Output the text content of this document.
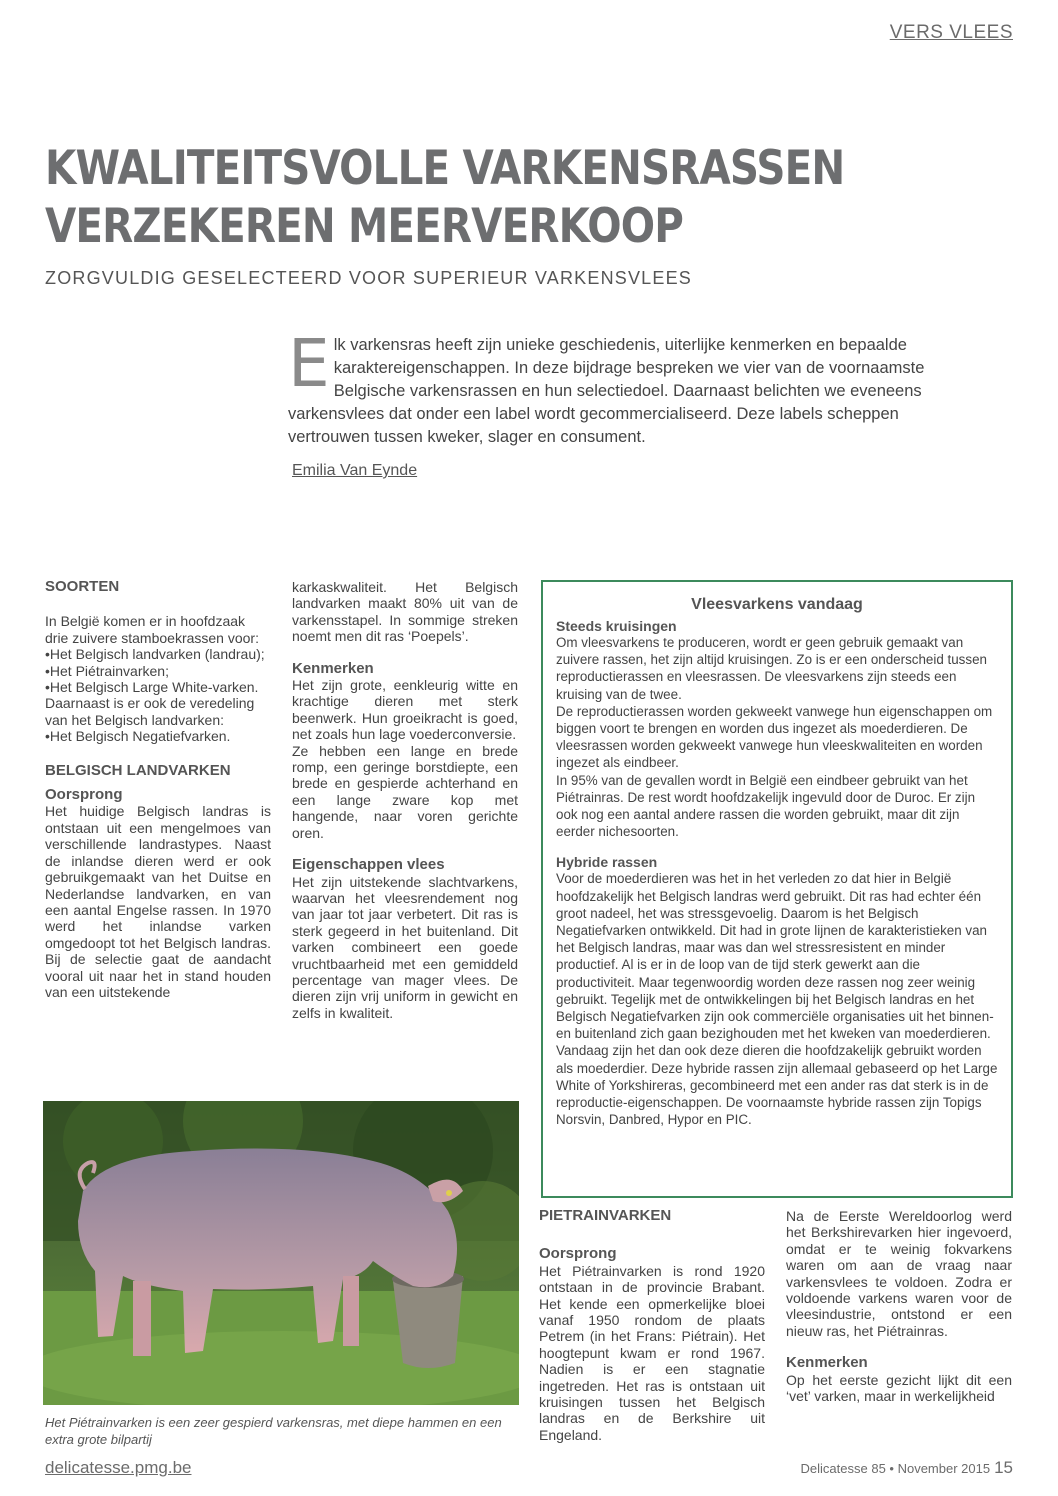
VERS VLEES
KWALITEITSVOLLE VARKENSRASSEN
VERZEKEREN MEERVERKOOP
ZORGVULDIG GESELECTEERD VOOR SUPERIEUR VARKENSVLEES

Elk varkensras heeft zijn unieke geschiedenis, uiterlijke kenmerken en bepaalde karaktereigenschappen. In deze bijdrage bespreken we vier van de voornaamste Belgische varkensrassen en hun selectiedoel. Daarnaast belichten we eveneens varkensvlees dat onder een label wordt gecommercialiseerd. Deze labels scheppen vertrouwen tussen kweker, slager en consument.

Emilia Van Eynde
SOORTEN

In België komen er in hoofdzaak drie zuivere stamboekrassen voor:

• Het Belgisch landvarken (landrau);

• Het Piétrainvarken;

• Het Belgisch Large White-varken.

Daarnaast is er ook de veredeling van het Belgisch landvarken:

• Het Belgisch Negatiefvarken.

BELGISCH LANDVARKEN
Oorsprong

Het huidige Belgisch landras is ontstaan uit een mengelmoes van verschillende landrastypes. Naast de inlandse dieren werd er ook gebruikgemaakt van het Duitse en Nederlandse landvarken, en van een aantal Engelse rassen. In 1970 werd het inlandse varken omgedoopt tot het Belgisch landras. Bij de selectie gaat de aandacht vooral uit naar het in stand houden van een uitstekende

karkaskwaliteit. Het Belgisch landvarken maakt 80% uit van de varkensstapel. In sommige streken noemt men dit ras ‘Poepels’.

Kenmerken

Het zijn grote, eenkleurig witte en krachtige dieren met sterk beenwerk. Hun groeikracht is goed, net zoals hun lage voederconversie.

Ze hebben een lange en brede romp, een geringe borstdiepte, een brede en gespierde achterhand en een lange zware kop met hangende, naar voren gerichte oren.

Eigenschappen vlees

Het zijn uitstekende slachtvarkens, waarvan het vleesrendement nog van jaar tot jaar verbetert. Dit ras is sterk gegeerd in het buitenland. Dit varken combineert een goede vruchtbaarheid met een gemiddeld percentage van mager vlees. De dieren zijn vrij uniform in gewicht en zelfs in kwaliteit.

Vleesvarkens vandaag
Steeds kruisingen

Om vleesvarkens te produceren, wordt er geen gebruik gemaakt van zuivere rassen, het zijn altijd kruisingen. Zo is er een onderscheid tussen reproductierassen en vleesrassen. De vleesvarkens zijn steeds een kruising van de twee.

De reproductierassen worden gekweekt vanwege hun eigenschappen om biggen voort te brengen en worden dus ingezet als moederdieren. De vleesrassen worden gekweekt vanwege hun vleeskwaliteiten en worden ingezet als eindbeer.

In 95% van de gevallen wordt in België een eindbeer gebruikt van het Piétrainras. De rest wordt hoofdzakelijk ingevuld door de Duroc. Er zijn ook nog een aantal andere rassen die worden gebruikt, maar dit zijn eerder nichesoorten.

Hybride rassen

Voor de moederdieren was het in het verleden zo dat hier in België hoofdzakelijk het Belgisch landras werd gebruikt. Dit ras had echter één groot nadeel, het was stressgevoelig. Daarom is het Belgisch Negatiefvarken ontwikkeld. Dit had in grote lijnen de karakteristieken van het Belgisch landras, maar was dan wel stressresistent en minder productief. Al is er in de loop van de tijd sterk gewerkt aan die productiviteit. Maar tegenwoordig worden deze rassen nog zeer weinig gebruikt. Tegelijk met de ontwikkelingen bij het Belgisch landras en het Belgisch Negatiefvarken zijn ook commerciële organisaties uit het binnen- en buitenland zich gaan bezighouden met het kweken van moederdieren. Vandaag zijn het dan ook deze dieren die hoofdzakelijk gebruikt worden als moederdier. Deze hybride rassen zijn allemaal gebaseerd op het Large White of Yorkshireras, gecombineerd met een ander ras dat sterk is in de reproductie-eigenschappen. De voornaamste hybride rassen zijn Topigs Norsvin, Danbred, Hypor en PIC.

Het Piétrainvarken is een zeer gespierd varkensras, met diepe hammen en een extra grote bilpartij
PIETRAINVARKEN
Oorsprong

Het Piétrainvarken is rond 1920 ontstaan in de provincie Brabant. Het kende een opmerkelijke bloei vanaf 1950 rondom de plaats Petrem (in het Frans: Piétrain). Het hoogtepunt kwam er rond 1967. Nadien is er een stagnatie ingetreden. Het ras is ontstaan uit kruisingen tussen het Belgisch landras en de Berkshire uit Engeland.

Na de Eerste Wereldoorlog werd het Berkshirevarken hier ingevoerd, omdat er te weinig fokvarkens waren om aan de vraag naar varkensvlees te voldoen. Zodra er voldoende varkens waren voor de vleesindustrie, ontstond er een nieuw ras, het Piétrainras.

Kenmerken

Op het eerste gezicht lijkt dit een ‘vet’ varken, maar in werkelijkheid

delicatesse.pmg.be	Delicatesse 85 • November 2015 15
